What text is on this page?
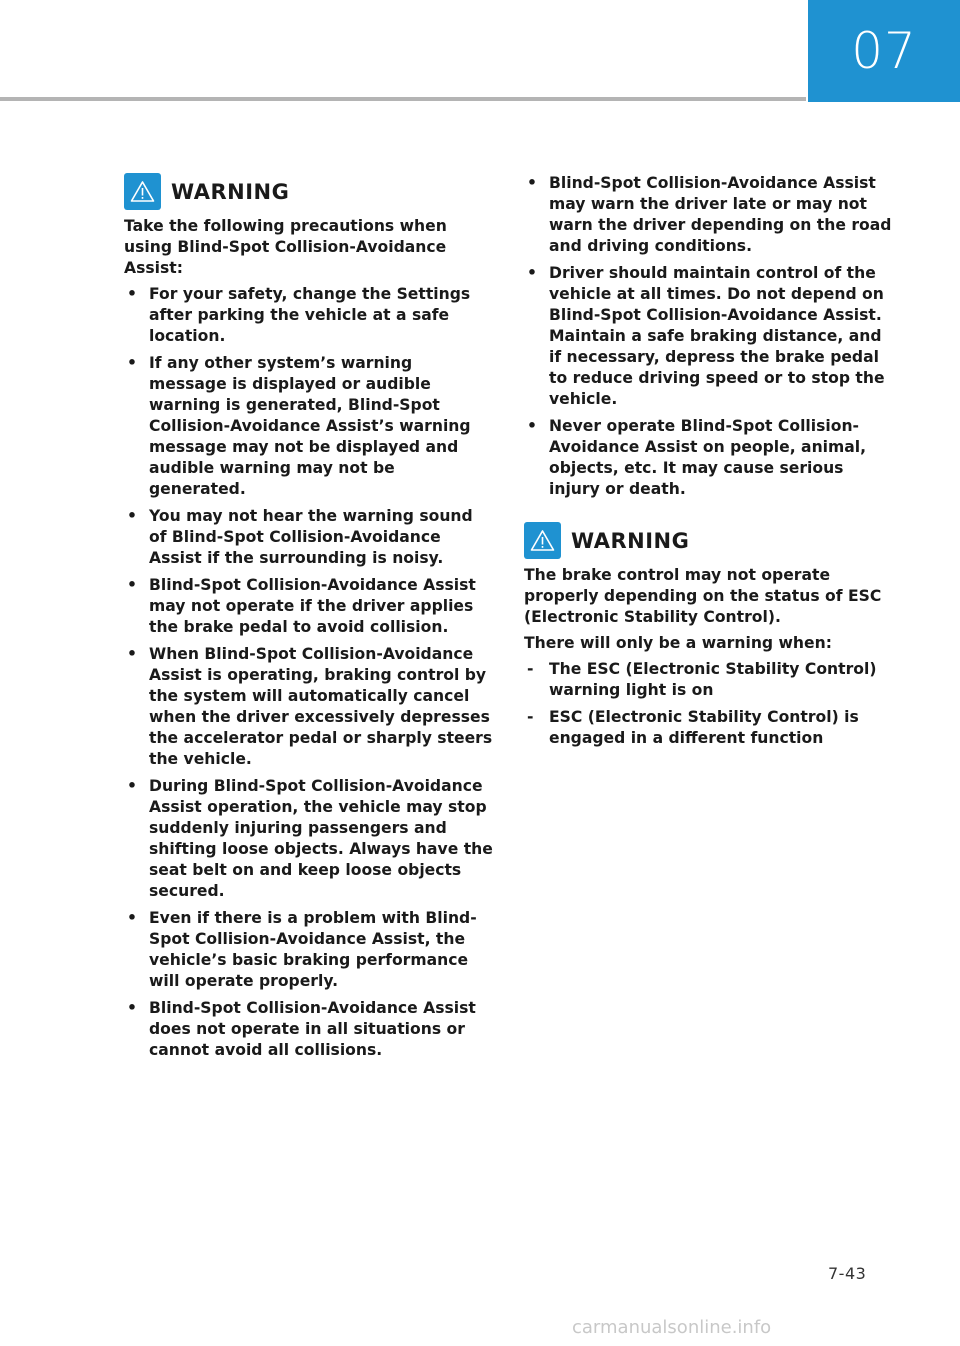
07
WARNING

Take the following precautions when using Blind-Spot Collision-Avoidance Assist:

• For your safety, change the Settings after parking the vehicle at a safe location.
• If any other system’s warning message is displayed or audible warning is generated, Blind-Spot Collision-Avoidance Assist’s warning message may not be displayed and audible warning may not be generated.
• You may not hear the warning sound of Blind-Spot Collision-Avoidance Assist if the surrounding is noisy.
• Blind-Spot Collision-Avoidance Assist may not operate if the driver applies the brake pedal to avoid collision.
• When Blind-Spot Collision-Avoidance Assist is operating, braking control by the system will automatically cancel when the driver excessively depresses the accelerator pedal or sharply steers the vehicle.
• During Blind-Spot Collision-Avoidance Assist operation, the vehicle may stop suddenly injuring passengers and shifting loose objects. Always have the seat belt on and keep loose objects secured.
• Even if there is a problem with Blind-Spot Collision-Avoidance Assist, the vehicle’s basic braking performance will operate properly.
• Blind-Spot Collision-Avoidance Assist does not operate in all situations or cannot avoid all collisions.
• Blind-Spot Collision-Avoidance Assist may warn the driver late or may not warn the driver depending on the road and driving conditions.
• Driver should maintain control of the vehicle at all times. Do not depend on Blind-Spot Collision-Avoidance Assist. Maintain a safe braking distance, and if necessary, depress the brake pedal to reduce driving speed or to stop the vehicle.
• Never operate Blind-Spot Collision-Avoidance Assist on people, animal, objects, etc. It may cause serious injury or death.
WARNING

The brake control may not operate properly depending on the status of ESC (Electronic Stability Control).

There will only be a warning when:

- The ESC (Electronic Stability Control) warning light is on
- ESC (Electronic Stability Control) is engaged in a different function
7-43
carmanualsonline.info
